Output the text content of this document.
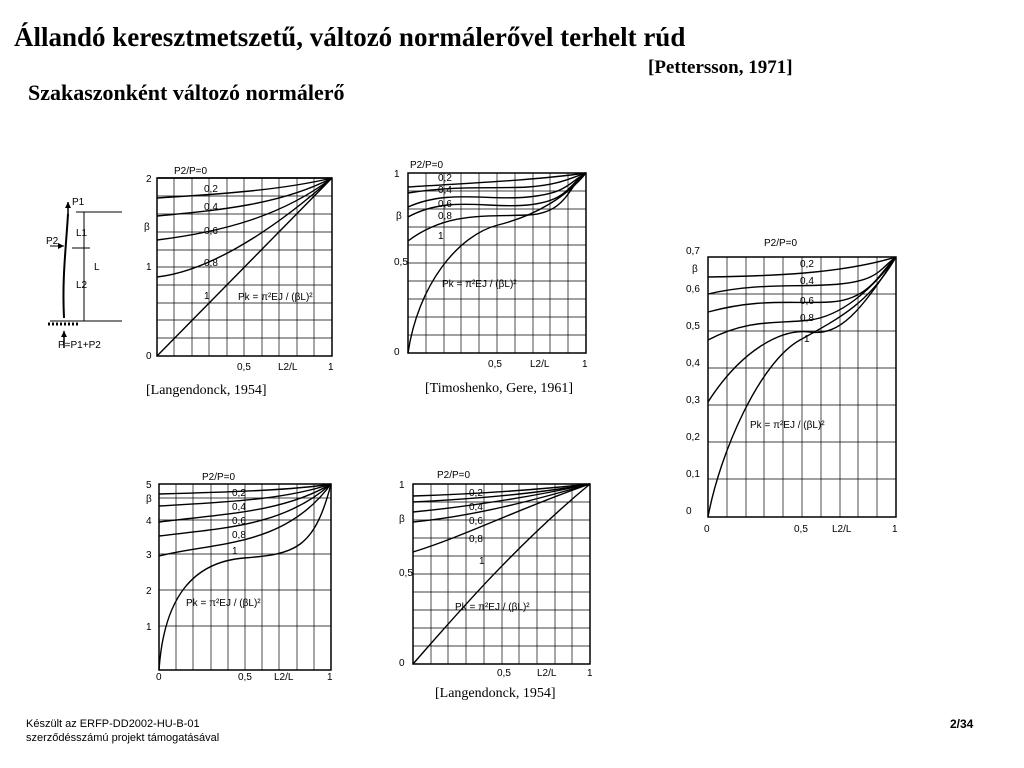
Állandó keresztmetszetű, változó normálerővel terhelt rúd
[Pettersson, 1971]
Szakaszonként változó normálerő
P1
P2
L1
L
L2
P=P1+P2
P2/P=0
2
1
0
β
0,5	1
L2/L
0,2
0,4
0,6
0,8
1	Pk = π²EJ / (βL)²
[Langendonck, 1954]
P2/P=0
1
0,5
0
β
0,5	1
L2/L
0,2
0,4
0,6
0,8
1
Pk = π²EJ / (βL)²
[Timoshenko, Gere, 1961]
P2/P=0
0,7
0,6
0,5
0,4
0,3
0,2
0,1
0
β
0	0,5	1
L2/L
0,2
0,4
0,6
0,8
1
Pk = π²EJ / (βL)²
P2/P=0
5
4
3
2
1
β
0	0,5	1
L2/L
0,2
0,4
0,6
0,8
1
Pk = π²EJ / (βL)²
P2/P=0
1
0,5
0
β
0,5	1
L2/L
0,2
0,4
0,6
0,8
1
Pk = π²EJ / (βL)²
[Langendonck, 1954]
Készült az ERFP-DD2002-HU-B-01
szerződésszámú projekt támogatásával
2/34
